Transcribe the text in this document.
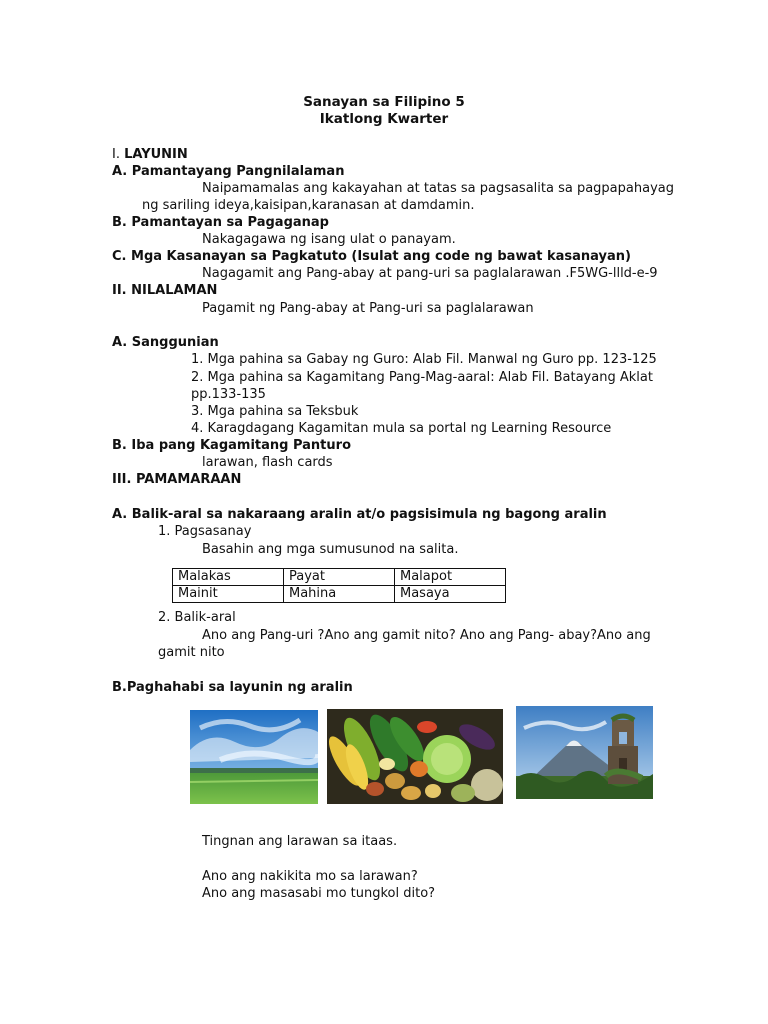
Sanayan sa Filipino 5
Ikatlong Kwarter
I. LAYUNIN
A. Pamantayang Pangnilalaman
Naipamamalas ang kakayahan at tatas sa pagsasalita sa pagpapahayag
ng sariling ideya,kaisipan,karanasan at damdamin.
B. Pamantayan sa Pagaganap
Nakagagawa ng isang ulat o panayam.
C. Mga Kasanayan sa Pagkatuto (Isulat ang code ng bawat kasanayan)
Nagagamit ang Pang-abay at pang-uri sa paglalarawan .F5WG-llld-e-9
II. NILALAMAN
Pagamit ng Pang-abay at Pang-uri sa paglalarawan
A. Sanggunian
1. Mga pahina sa Gabay ng Guro: Alab Fil. Manwal ng Guro pp. 123-125
2. Mga pahina sa Kagamitang Pang-Mag-aaral: Alab Fil. Batayang Aklat
pp.133-135
3. Mga pahina sa Teksbuk
4. Karagdagang Kagamitan mula sa portal ng Learning Resource
B. Iba pang Kagamitang Panturo
larawan, flash cards
III. PAMAMARAAN
A. Balik-aral sa nakaraang aralin at/o pagsisimula ng bagong aralin
1. Pagsasanay
Basahin ang mga sumusunod na salita.
Malakas	Payat	Malapot
Mainit	Mahina	Masaya
2. Balik-aral
Ano ang Pang-uri ?Ano ang gamit nito? Ano ang Pang- abay?Ano ang
gamit nito
B.Paghahabi sa layunin ng aralin
Tingnan ang larawan sa itaas.
Ano ang nakikita mo sa larawan?
Ano ang masasabi mo tungkol dito?
